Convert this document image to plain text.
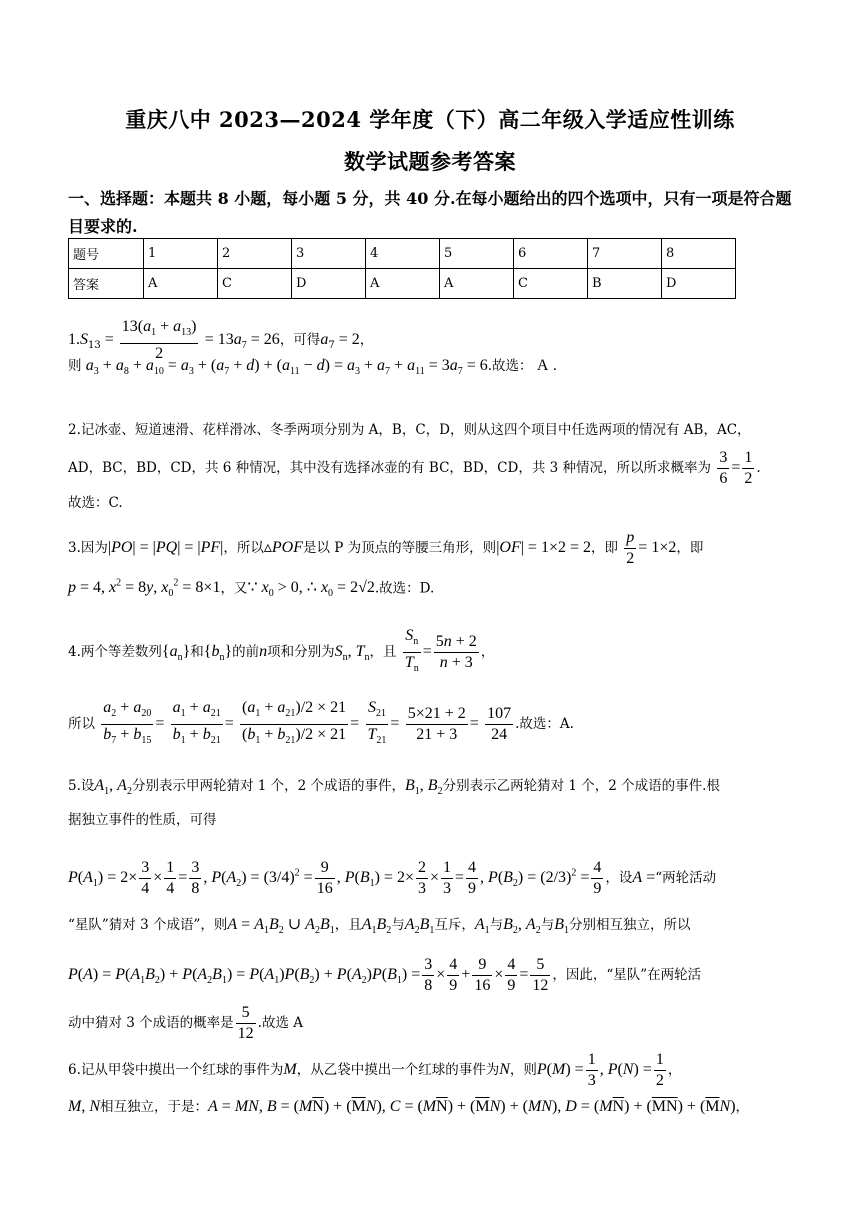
重庆八中 2023—2024 学年度（下）高二年级入学适应性训练
数学试题参考答案
一、选择题：本题共 8 小题，每小题 5 分，共 40 分.在每小题给出的四个选项中，只有一项是符合题目要求的.
题号	1	2	3	4	5	6	7	8
答案	A	C	D	A	A	C	B	D
$1.S_{13} = \frac{13(a_1 + a_{13})}{2} = 13a_7 = 26$，可得$a_7 = 2$，
则 $a_3 + a_8 + a_{10} = a_3 + (a_7 + d) + (a_{11} - d) = a_3 + a_7 + a_{11} = 3a_7 = 6$.故选： A .
2.记冰壶、短道速滑、花样滑冰、冬季两项分别为 A，B，C，D，则从这四个项目中任选两项的情况有 AB，AC，
AD，BC，BD，CD，共 6 种情况，其中没有选择冰壶的有 BC，BD，CD，共 3 种情况，所以所求概率为 $\frac{3}{6} = \frac{1}{2}$ .
故选：C.
3.因为|PO| = |PQ| = |PF|，所以▵POF是以 P 为顶点的等腰三角形，则|OF| = 1×2 = 2，即 $\frac{p}{2} = 1\times 2$，即
p = 4, $x^2 = 8y$, $x_0^2 = 8\times 1$，又∵ $x_0 > 0$, ∴ $x_0 = 2√2$.故选：D.
4.两个等差数列$\{a_n\}$和$\{b_n\}$的前n项和分别为$S_n$, $T_n$，且 $\frac{S_n}{T_n} = \frac{5n + 2}{n + 3}$ ，
所以 $\frac{a_2 + a_{20}}{b_7 + b_{15}} = \frac{a_1 + a_{21}}{b_1 + b_{21}} = \frac{(a_1 + a_{21})/2 \times 21}{(b_1 + b_{21})/2 \times 21} = \frac{S_{21}}{T_{21}} = \frac{5\times 21 + 2}{21 + 3} = \frac{107}{24}$ .故选：A.
5.设$A_1$, $A_2$分别表示甲两轮猜对 1 个，2 个成语的事件，$B_1$, $B_2$分别表示乙两轮猜对 1 个，2 个成语的事件.根
据独立事件的性质，可得
$P(A_1) = 2\times \frac{3}{4} \times \frac{1}{4} = \frac{3}{8}$ , $P(A_2) = (3/4)^2 = \frac{9}{16}$ , $P(B_1) = 2\times \frac{2}{3} \times \frac{1}{3} = \frac{4}{9}$ , $P(B_2) = (2/3)^2 = \frac{4}{9}$ ，设A =“两轮活动
“星队”猜对 3 个成语”，则$A = A_1B_2$ ∪ $A_2B_1$，且$A_1B_2$与$A_2B_1$互斥，$A_1$与$B_2$, $A_2$与$B_1$分别相互独立，所以
$P(A) = P(A_1B_2) + P(A_2B_1) = P(A_1)P(B_2) + P(A_2)P(B_1) = \frac{3}{8} \times \frac{4}{9} + \frac{9}{16} \times \frac{4}{9} = \frac{5}{12}$ ，因此，“星队”在两轮活
动中猜对 3 个成语的概率是 $\frac{5}{12}$ .故选 A
6.记从甲袋中摸出一个红球的事件为M，从乙袋中摸出一个红球的事件为N，则$P(M) = \frac{1}{3}$ , $P(N) = \frac{1}{2}$ ，
M, N相互独立，于是：A = MN, $B = (M\overline{N}) + (\overline{M}N)$, $C = (M\overline{N}) + (\overline{M}N) + (MN)$, $D = (M\overline{N}) + (\overline{M}\overline{N}) + (\overline{M}N)$，
